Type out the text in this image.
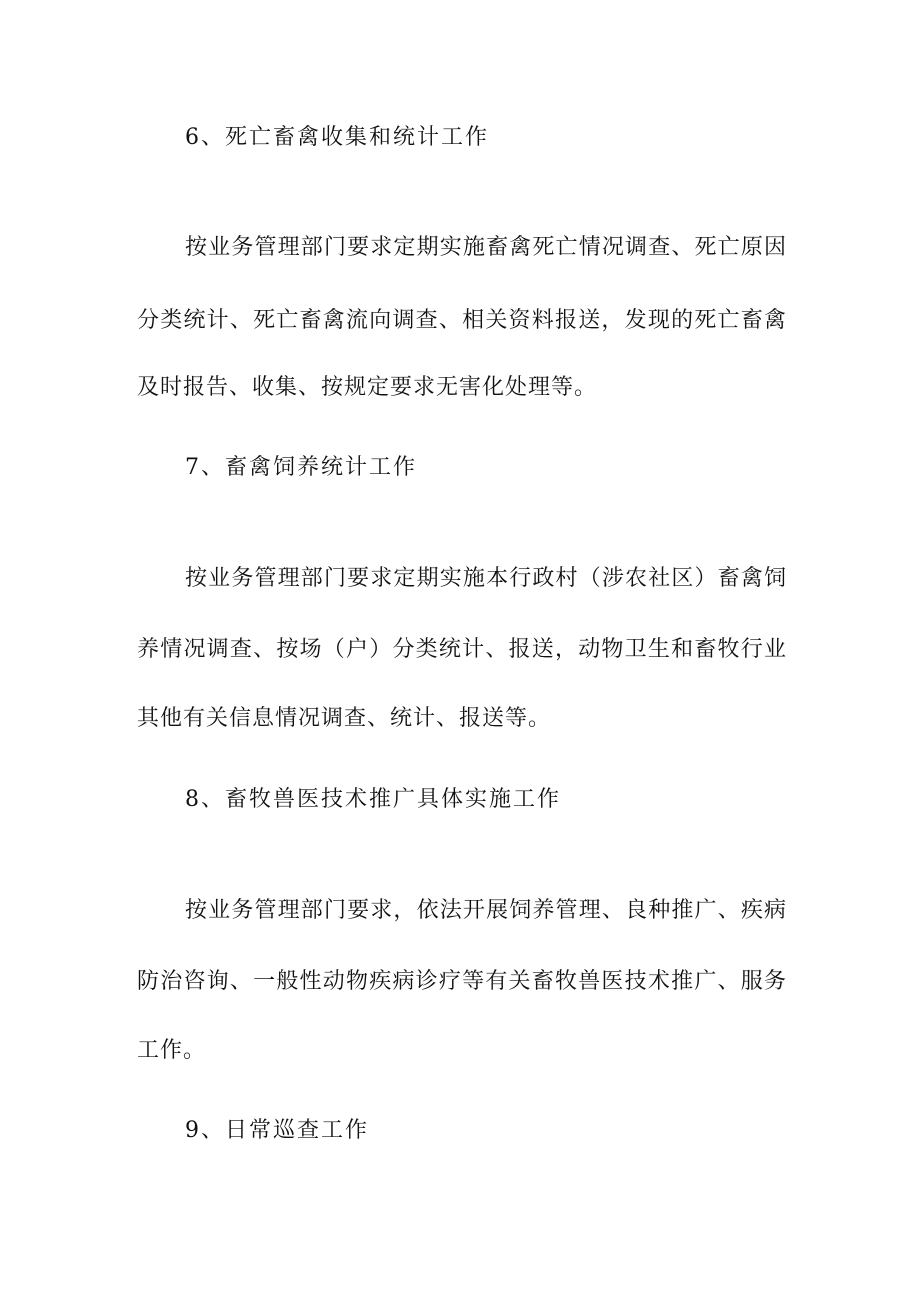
6、死亡畜禽收集和统计工作

按业务管理部门要求定期实施畜禽死亡情况调查、死亡原因

分类统计、死亡畜禽流向调查、相关资料报送，发现的死亡畜禽

及时报告、收集、按规定要求无害化处理等。

7、畜禽饲养统计工作

按业务管理部门要求定期实施本行政村（涉农社区）畜禽饲

养情况调查、按场（户）分类统计、报送，动物卫生和畜牧行业

其他有关信息情况调查、统计、报送等。

8、畜牧兽医技术推广具体实施工作

按业务管理部门要求，依法开展饲养管理、良种推广、疾病

防治咨询、一般性动物疾病诊疗等有关畜牧兽医技术推广、服务

工作。

9、日常巡查工作
